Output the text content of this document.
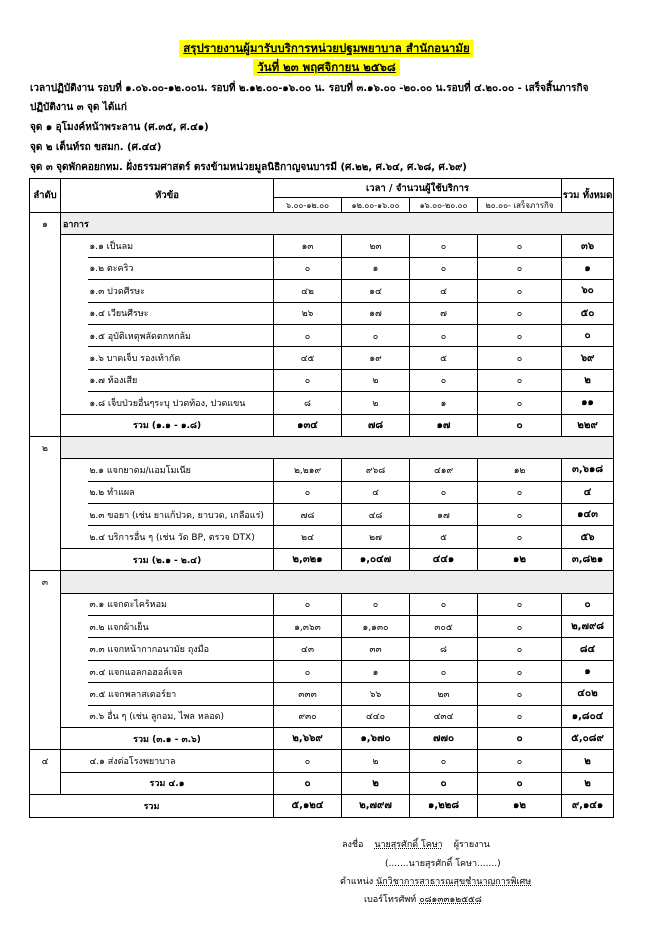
สรุปรายงานผู้มารับบริการหน่วยปฐมพยาบาล สำนักอนามัย
วันที่ ๒๓ พฤศจิกายน ๒๕๖๘
เวลาปฏิบัติงาน รอบที่ ๑.๐๖.๐๐-๑๒.๐๐น. รอบที่ ๒.๑๒.๐๐-๑๖.๐๐ น. รอบที่ ๓.๑๖.๐๐ -๒๐.๐๐ น.รอบที่ ๔.๒๐.๐๐ - เสร็จสิ้นภารกิจ
ปฏิบัติงาน ๓ จุด ได้แก่
จุด ๑ อุโมงค์หน้าพระลาน (ศ.๓๕, ศ.๔๑)
จุด ๒ เต็นท์รถ ขสมก. (ศ.๔๔)
จุด ๓ จุดพักคอยกทม. ฝั่งธรรมศาสตร์ ตรงข้ามหน่วยมูลนิธิกาญจนบารมี (ศ.๒๒, ศ.๖๔, ศ.๖๘, ศ.๖๙)
ลำดับ	หัวข้อ		เวลา / จำนวนผู้ใช้บริการ				รวม ทั้งหมด
			๖.๐๐-๑๒.๐๐	๑๒.๐๐-๑๖.๐๐	๑๖.๐๐-๒๐.๐๐	๒๐.๐๐- เสร็จภารกิจ	
๑	อาการ						
		๑.๑ เป็นลม	๑๓	๒๓	๐	๐	๓๖
		๑.๒ ตะคริว	๐	๑	๐	๐	๑
		๑.๓ ปวดศีรษะ	๔๒	๑๔	๔	๐	๖๐
		๑.๔ เวียนศีรษะ	๒๖	๑๗	๗	๐	๕๐
		๑.๕ อุบัติเหตุพลัดตกหกล้ม	๐	๐	๐	๐	๐
		๑.๖ บาดเจ็บ รองเท้ากัด	๔๕	๑๙	๕	๐	๖๙
		๑.๗ ท้องเสีย	๐	๒	๐	๐	๒
		๑.๘ เจ็บป่วยอื่นๆระบุ ปวดท้อง, ปวดแขน	๘	๒	๑	๐	๑๑
	รวม (๑.๑ - ๑.๘)		๑๓๔	๗๘	๑๗	๐	๒๒๙
๒							
		๒.๑ แจกยาดม/แอมโมเนีย	๒,๒๑๙	๙๖๘	๔๑๙	๑๒	๓,๖๑๘
		๒.๒ ทำแผล	๐	๔	๐	๐	๔
		๒.๓ ขอยา (เช่น ยาแก้ปวด, ยาบวด, เกลือแร่)	๗๘	๔๘	๑๗	๐	๑๔๓
		๒.๔ บริการอื่น ๆ (เช่น วัด BP, ตรวจ DTX)	๒๔	๒๗	๕	๐	๕๖
	รวม (๒.๑ - ๒.๔)		๒,๓๒๑	๑,๐๔๗	๔๔๑	๑๒	๓,๘๒๑
๓							
		๓.๑ แจกตะไคร้หอม	๐	๐	๐	๐	๐
		๓.๒ แจกผ้าเย็น	๑,๓๖๓	๑,๑๓๐	๓๐๕	๐	๒,๗๙๘
		๓.๓ แจกหน้ากากอนามัย ถุงมือ	๔๓	๓๓	๘	๐	๘๔
		๓.๔ แจกแอลกอฮอล์เจล	๐	๑	๐	๐	๑
		๓.๕ แจกพลาสเตอร์ยา	๓๓๓	๖๖	๒๓	๐	๔๐๒
		๓.๖ อื่น ๆ (เช่น ลูกอม, ไพล หลอด)	๙๓๐	๔๔๐	๔๓๔	๐	๑,๘๐๔
	รวม (๓.๑ - ๓.๖)		๒,๖๖๙	๑,๖๗๐	๗๗๐	๐	๕,๐๘๙
๔		๔.๑ ส่งต่อโรงพยาบาล	๐	๒	๐	๐	๒
	รวม ๔.๑		๐	๒	๐	๐	๒
รวม			๕,๑๒๔	๒,๗๙๗	๑,๒๒๘	๑๒	๙,๑๔๑
ลงชื่อ นายสุรศักดิ์ โคษา ผู้รายงาน
(.......นายสุรศักดิ์ โคษา.......)
ตำแหน่ง นักวิชาการสาธารณสุขชำนาญการพิเศษ
เบอร์โทรศัพท์ ๐๘๑๓๓๑๒๕๕๘
